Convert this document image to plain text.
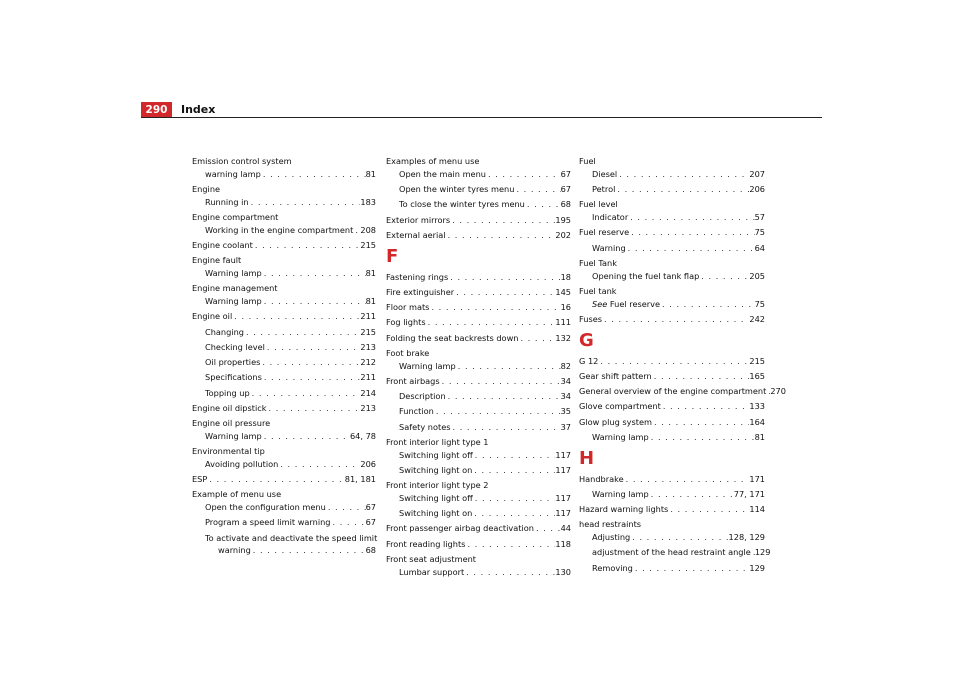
290	Index
Emission control system
warning lamp . . .	81
Engine
Running in . . .	183
Engine compartment
Working in the engine compartment . . . 208
Engine coolant . . .	215
Engine fault
Warning lamp . . .	81
Engine management
Warning lamp . . .	81
Engine oil . . .	211
Changing . . .	215
Checking level . . .	213
Oil properties . . .	212
Specifications . . .	211
Topping up . . .	214
Engine oil dipstick . . .	213
Engine oil pressure
Warning lamp . . .	64, 78
Environmental tip
Avoiding pollution . . .	206
ESP . . .	81, 181
Example of menu use
Open the configuration menu . . .	67
Program a speed limit warning . . .	67
To activate and deactivate the speed limit
warning . . .	68
Examples of menu use
Open the main menu . . .	67
Open the winter tyres menu . . .	67
To close the winter tyres menu . . .	68
Exterior mirrors . . .	195
External aerial . . .	202
F
Fastening rings . . .	18
Fire extinguisher . . .	145
Floor mats . . .	16
Fog lights . . .	111
Folding the seat backrests down . . .	132
Foot brake
Warning lamp . . .	82
Front airbags . . .	34
Description . . .	34
Function . . .	35
Safety notes . . .	37
Front interior light type 1
Switching light off . . .	117
Switching light on . . .	117
Front interior light type 2
Switching light off . . .	117
Switching light on . . .	117
Front passenger airbag deactivation . . .	44
Front reading lights . . .	118
Front seat adjustment
Lumbar support . . .	130
Fuel
Diesel . . .	207
Petrol . . .	206
Fuel level
Indicator . . .	57
Fuel reserve . . .	75
Warning . . .	64
Fuel Tank
Opening the fuel tank flap . . .	205
Fuel tank
See Fuel reserve . . .	75
Fuses . . .	242
G
G 12 . . .	215
Gear shift pattern . . .	165
General overview of the engine compartment . . . 270
Glove compartment . . .	133
Glow plug system . . .	164
Warning lamp . . .	81
H
Handbrake . . .	171
Warning lamp . . .	77, 171
Hazard warning lights . . .	114
head restraints
Adjusting . . .	128, 129
adjustment of the head restraint angle . . . 129
Removing . . .	129
